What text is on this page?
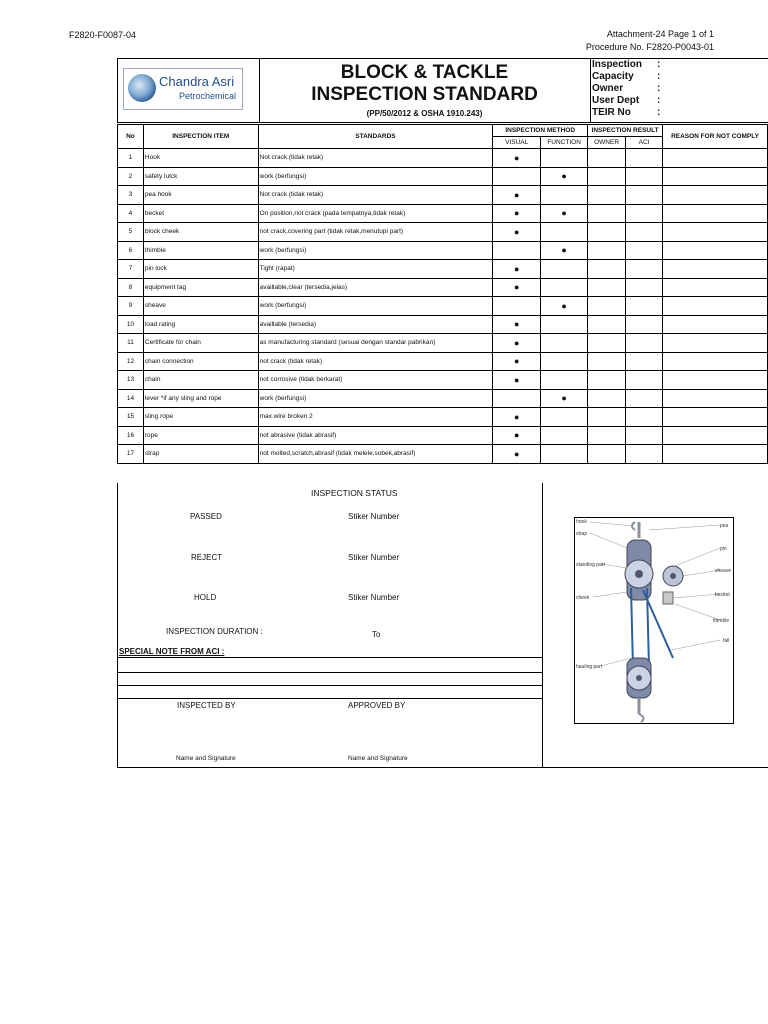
F2820-F0087-04	Attachment-24 Page 1 of 1
Procedure No. F2820-P0043-01
Chandra Asri
Petrochemical
BLOCK & TACKLE
INSPECTION STANDARD
(PP/50/2012 & OSHA 1910.243)
Inspection :
Capacity :
Owner	:
User Dept :
TEIR No	:
No	INSPECTION ITEM	STANDARDS	INSPECTION METHOD		INSPECTION RESULT		REASON FOR NOT COMPLY
			VISUAL	FUNCTION	OWNER	ACI	
1	Hook	Not crack (tidak retak)	●				
2	safety lutck	work (berfungsi)		●			
3	pea hook	Not crack (tidak retak)	●				
4	becket	On position,not crack (pada tempatnya,tidak retak)	●	●			
5	block cheek	not crack,covering part (tidak retak,menutupi part)	●				
6	thimble	work (berfungsi)		●			
7	pin lock	Tight (rapat)	●				
8	equipment tag	availlable,clear (tersedia,jelas)	●				
9	sheave	work (berfungsi)		●			
10	load rating	availlable (tersedia)	●				
11	Certificate for chain	as manufacturing standard (sesuai dengan standar pabrikan)	●				
12	chain connection	not crack (tidak retak)	●				
13	chain	not corrosive (tidak berkarat)	●				
14	lever *if any sling and rope	work (berfungsi)		●			
15	sling rope	max.wire broken 2	●				
16	rope	not abrasive (tidak abrasif)	●				
17	strap	not molted,scratch,abrasif (tidak melele,sobek,abrasif)	●				
INSPECTION STATUS
PASSED	Stiker Number
REJECT	Stiker Number
HOLD	Stiker Number
INSPECTION DURATION :	To
SPECIAL NOTE FROM ACI :
INSPECTED BY	APPROVED BY
Name and Signature	Name and Signature
hook
strap
standing part
cheek
hauling part
pea
pin
sheave
becket
thimble
fall
